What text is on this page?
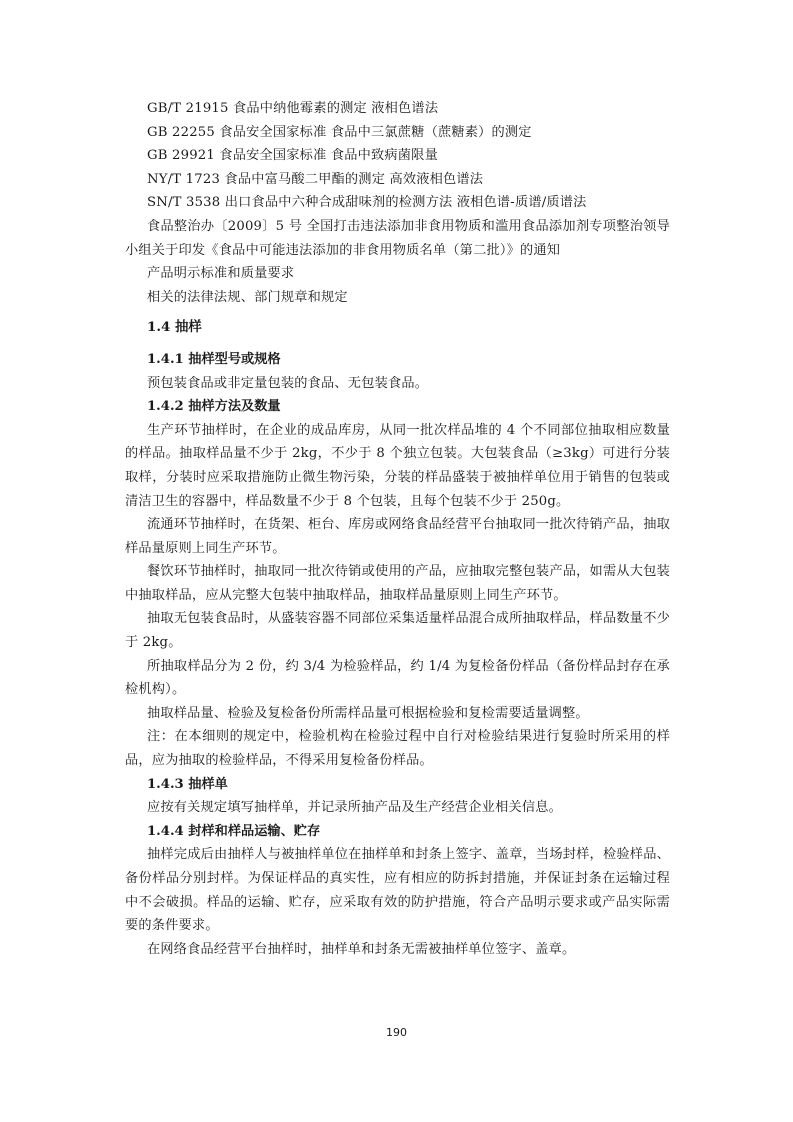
GB/T 21915 食品中纳他霉素的测定 液相色谱法

GB 22255 食品安全国家标准 食品中三氯蔗糖（蔗糖素）的测定

GB 29921 食品安全国家标准 食品中致病菌限量

NY/T 1723 食品中富马酸二甲酯的测定 高效液相色谱法

SN/T 3538 出口食品中六种合成甜味剂的检测方法 液相色谱-质谱/质谱法

食品整治办〔2009〕5 号 全国打击违法添加非食用物质和滥用食品添加剂专项整治领导小组关于印发《食品中可能违法添加的非食用物质名单（第二批）》的通知

产品明示标准和质量要求

相关的法律法规、部门规章和规定

1.4 抽样
1.4.1 抽样型号或规格

预包装食品或非定量包装的食品、无包装食品。

1.4.2 抽样方法及数量

生产环节抽样时，在企业的成品库房，从同一批次样品堆的 4 个不同部位抽取相应数量的样品。抽取样品量不少于 2kg，不少于 8 个独立包装。大包装食品（≥3kg）可进行分装取样，分装时应采取措施防止微生物污染，分装的样品盛装于被抽样单位用于销售的包装或清洁卫生的容器中，样品数量不少于 8 个包装，且每个包装不少于 250g。

流通环节抽样时，在货架、柜台、库房或网络食品经营平台抽取同一批次待销产品，抽取样品量原则上同生产环节。

餐饮环节抽样时，抽取同一批次待销或使用的产品，应抽取完整包装产品，如需从大包装中抽取样品，应从完整大包装中抽取样品，抽取样品量原则上同生产环节。

抽取无包装食品时，从盛装容器不同部位采集适量样品混合成所抽取样品，样品数量不少于 2kg。

所抽取样品分为 2 份，约 3/4 为检验样品，约 1/4 为复检备份样品（备份样品封存在承检机构）。

抽取样品量、检验及复检备份所需样品量可根据检验和复检需要适量调整。

注：在本细则的规定中，检验机构在检验过程中自行对检验结果进行复验时所采用的样品，应为抽取的检验样品，不得采用复检备份样品。

1.4.3 抽样单

应按有关规定填写抽样单，并记录所抽产品及生产经营企业相关信息。

1.4.4 封样和样品运输、贮存

抽样完成后由抽样人与被抽样单位在抽样单和封条上签字、盖章，当场封样，检验样品、备份样品分别封样。为保证样品的真实性，应有相应的防拆封措施，并保证封条在运输过程中不会破损。样品的运输、贮存，应采取有效的防护措施，符合产品明示要求或产品实际需要的条件要求。

在网络食品经营平台抽样时，抽样单和封条无需被抽样单位签字、盖章。

190
